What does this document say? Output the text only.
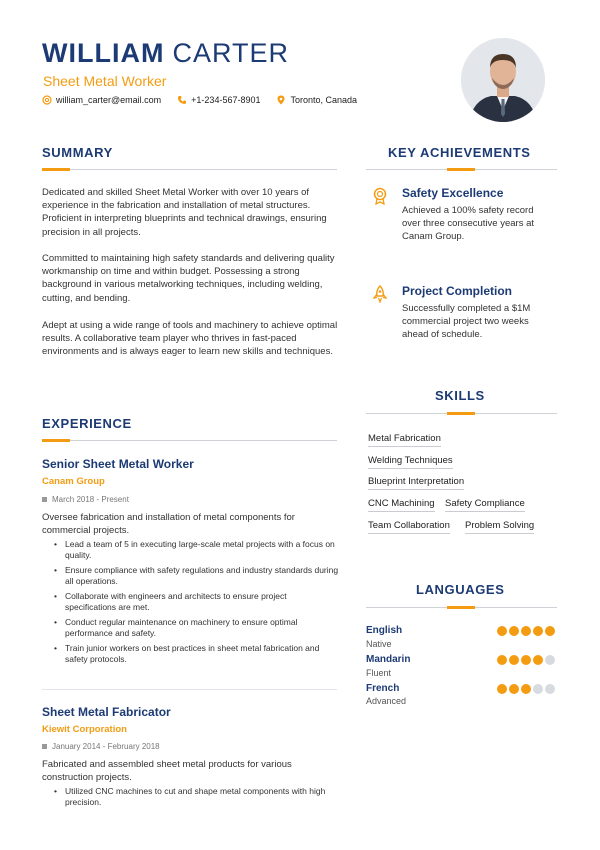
WILLIAM CARTER
Sheet Metal Worker
william_carter@email.com	+1-234-567-8901	Toronto, Canada
SUMMARY
Dedicated and skilled Sheet Metal Worker with over 10 years of experience in the fabrication and installation of metal structures. Proficient in interpreting blueprints and technical drawings, ensuring precision in all projects.
Committed to maintaining high safety standards and delivering quality workmanship on time and within budget. Possessing a strong background in various metalworking techniques, including welding, cutting, and bending.
Adept at using a wide range of tools and machinery to achieve optimal results. A collaborative team player who thrives in fast-paced environments and is always eager to learn new skills and techniques.
EXPERIENCE
Senior Sheet Metal Worker
Canam Group
March 2018 - Present
Oversee fabrication and installation of metal components for commercial projects.
• Lead a team of 5 in executing large-scale metal projects with a focus on quality.
• Ensure compliance with safety regulations and industry standards during all operations.
• Collaborate with engineers and architects to ensure project specifications are met.
• Conduct regular maintenance on machinery to ensure optimal performance and safety.
• Train junior workers on best practices in sheet metal fabrication and safety protocols.
Sheet Metal Fabricator
Kiewit Corporation
January 2014 - February 2018
Fabricated and assembled sheet metal products for various construction projects.
• Utilized CNC machines to cut and shape metal components with high precision.
KEY ACHIEVEMENTS
Safety Excellence
Achieved a 100% safety record over three consecutive years at Canam Group.
Project Completion
Successfully completed a $1M commercial project two weeks ahead of schedule.
SKILLS
Metal Fabrication
Welding Techniques
Blueprint Interpretation
CNC Machining Safety Compliance
Team Collaboration Problem Solving
LANGUAGES
English
Native
Mandarin
Fluent
French
Advanced
